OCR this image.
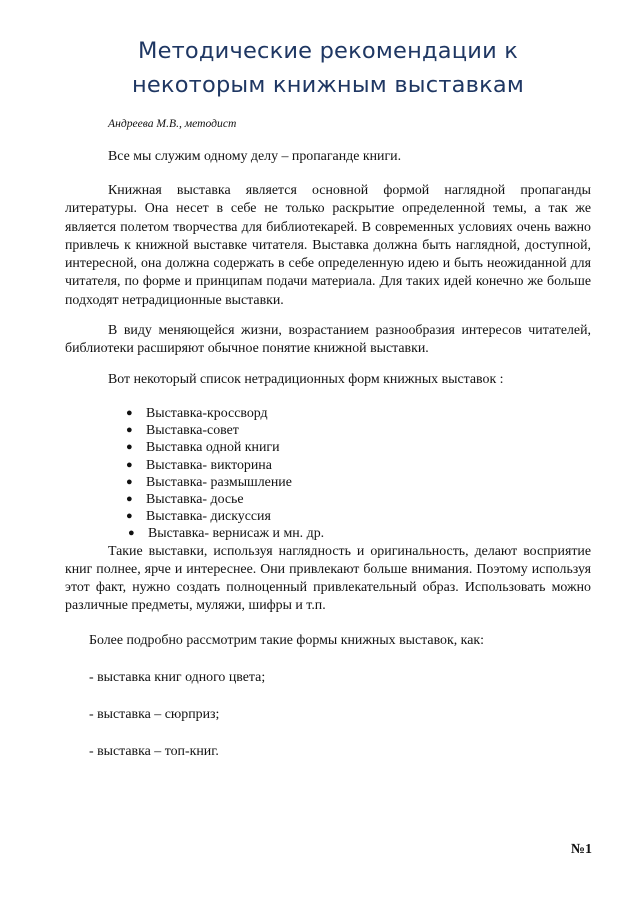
Методические рекомендации к
некоторым книжным выставкам

Андреева М.В., методист

Все мы служим одному делу – пропаганде книги.

Книжная выставка является основной формой наглядной пропаганды литературы. Она несет в себе не только раскрытие определенной темы, а так же является полетом творчества для библиотекарей. В современных условиях очень важно привлечь к книжной выставке читателя. Выставка должна быть наглядной, доступной, интересной, она должна содержать в себе определенную идею и быть неожиданной для читателя, по форме и принципам подачи материала. Для таких идей конечно же больше подходят нетрадиционные выставки.

В виду меняющейся жизни, возрастанием разнообразия интересов читателей, библиотеки расширяют обычное понятие книжной выставки.

Вот некоторый список нетрадиционных форм книжных выставок :

● Выставка-кроссворд
● Выставка-совет
● Выставка одной книги
● Выставка- викторина
● Выставка- размышление
● Выставка- досье
● Выставка- дискуссия
● Выставка- вернисаж и мн. др.

Такие выставки, используя наглядность и оригинальность, делают восприятие книг полнее, ярче и интереснее. Они привлекают больше внимания. Поэтому используя этот факт, нужно создать полноценный привлекательный образ. Использовать можно различные предметы, муляжи, шифры и т.п.

Более подробно рассмотрим такие формы книжных выставок, как:

- выставка книг одного цвета;

- выставка – сюрприз;

- выставка – топ-книг.

№1
